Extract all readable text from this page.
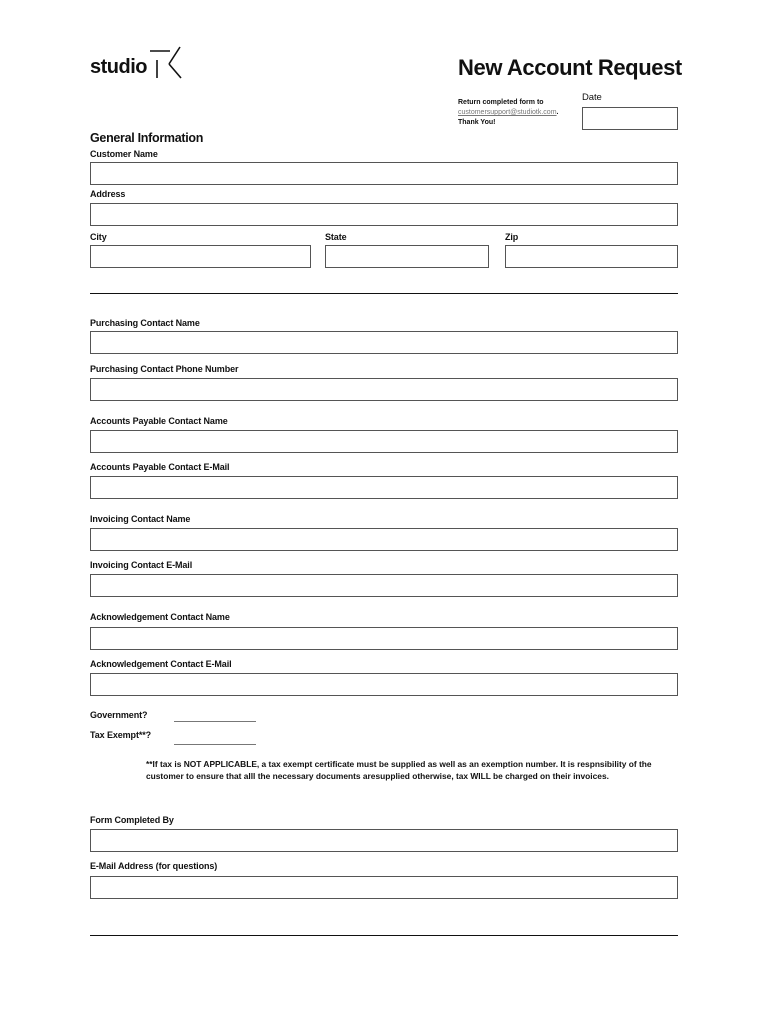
studio	New Account Request
Return completed form to
customersupport@studiotk.com.
Thank You!
Date
General Information
Customer Name
Address
City	State	Zip
Purchasing Contact Name
Purchasing Contact Phone Number
Accounts Payable Contact Name
Accounts Payable Contact E-Mail
Invoicing Contact Name
Invoicing Contact E-Mail
Acknowledgement Contact Name
Acknowledgement Contact E-Mail
Government?
Tax Exempt**?
**If tax is NOT APPLICABLE, a tax exempt certificate must be supplied as well as an exemption number. It is respnsibility of the customer to ensure that alll the necessary documents aresupplied otherwise, tax WILL be charged on their invoices.
Form Completed By
E-Mail Address (for questions)
